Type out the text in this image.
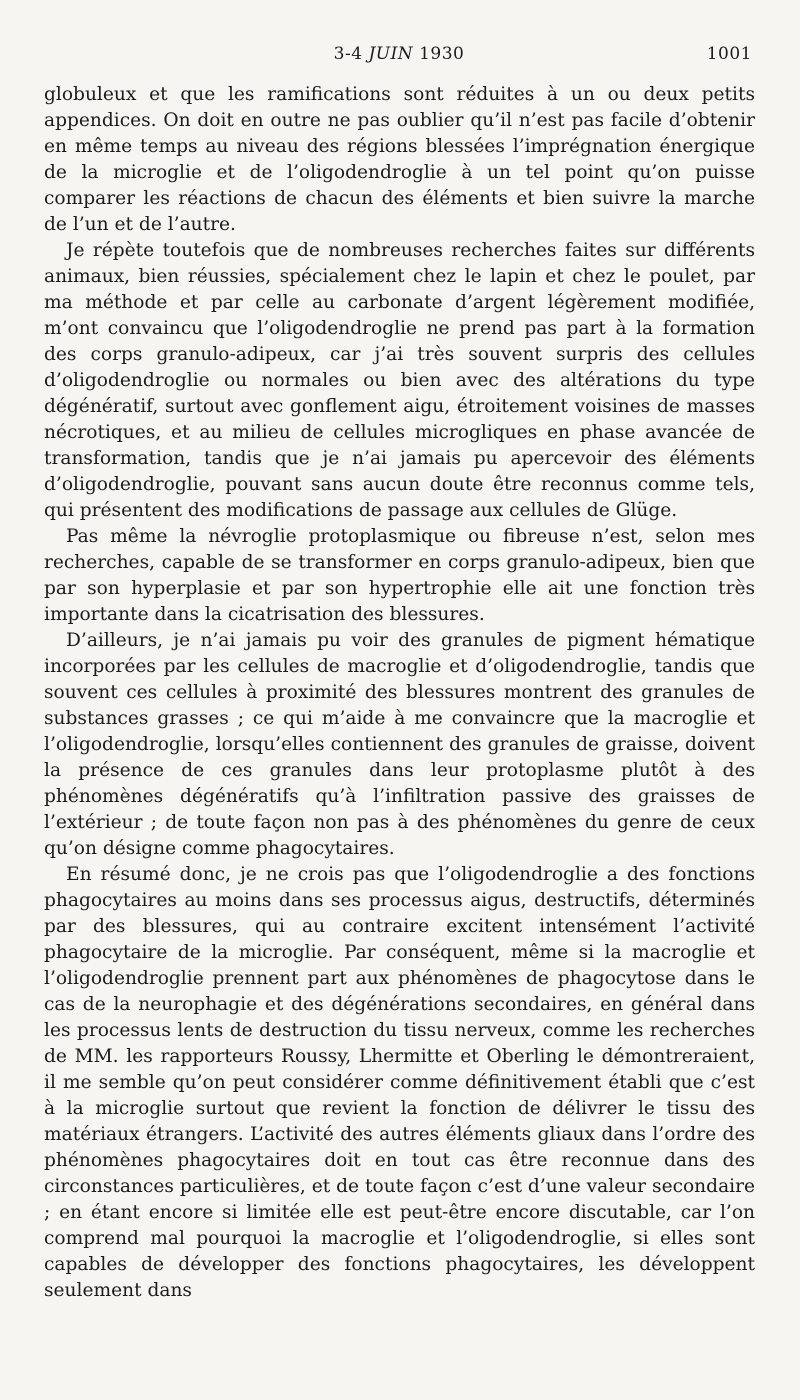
3-4 JUIN 1930	1001

globuleux et que les ramifications sont réduites à un ou deux petits appendices. On doit en outre ne pas oublier qu’il n’est pas facile d’obtenir en même temps au niveau des régions blessées l’imprégnation énergique de la microglie et de l’oligodendroglie à un tel point qu’on puisse comparer les réactions de chacun des éléments et bien suivre la marche de l’un et de l’autre.

Je répète toutefois que de nombreuses recherches faites sur différents animaux, bien réussies, spécialement chez le lapin et chez le poulet, par ma méthode et par celle au carbonate d’argent légèrement modifiée, m’ont convaincu que l’oligodendroglie ne prend pas part à la formation des corps granulo-adipeux, car j’ai très souvent surpris des cellules d’oligodendroglie ou normales ou bien avec des altérations du type dégénératif, surtout avec gonflement aigu, étroitement voisines de masses nécrotiques, et au milieu de cellules microgliques en phase avancée de transformation, tandis que je n’ai jamais pu apercevoir des éléments d’oligodendroglie, pouvant sans aucun doute être reconnus comme tels, qui présentent des modifications de passage aux cellules de Glüge.

Pas même la névroglie protoplasmique ou fibreuse n’est, selon mes recherches, capable de se transformer en corps granulo-adipeux, bien que par son hyperplasie et par son hypertrophie elle ait une fonction très importante dans la cicatrisation des blessures.

D’ailleurs, je n’ai jamais pu voir des granules de pigment hématique incorporées par les cellules de macroglie et d’oligodendroglie, tandis que souvent ces cellules à proximité des blessures montrent des granules de substances grasses ; ce qui m’aide à me convaincre que la macroglie et l’oligodendroglie, lorsqu’elles contiennent des granules de graisse, doivent la présence de ces granules dans leur protoplasme plutôt à des phénomènes dégénératifs qu’à l’infiltration passive des graisses de l’extérieur ; de toute façon non pas à des phénomènes du genre de ceux qu’on désigne comme phagocytaires.

En résumé donc, je ne crois pas que l’oligodendroglie a des fonctions phagocytaires au moins dans ses processus aigus, destructifs, déterminés par des blessures, qui au contraire excitent intensément l’activité phagocytaire de la microglie. Par conséquent, même si la macroglie et l’oligodendroglie prennent part aux phénomènes de phagocytose dans le cas de la neurophagie et des dégénérations secondaires, en général dans les processus lents de destruction du tissu nerveux, comme les recherches de MM. les rapporteurs Roussy, Lhermitte et Oberling le démontreraient, il me semble qu’on peut considérer comme définitivement établi que c’est à la microglie surtout que revient la fonction de délivrer le tissu des matériaux étrangers. L’activité des autres éléments gliaux dans l’ordre des phénomènes phagocytaires doit en tout cas être reconnue dans des circonstances particulières, et de toute façon c’est d’une valeur secondaire ; en étant encore si limitée elle est peut-être encore discutable, car l’on comprend mal pourquoi la macroglie et l’oligodendroglie, si elles sont capables de développer des fonctions phagocytaires, les développent seulement dans
